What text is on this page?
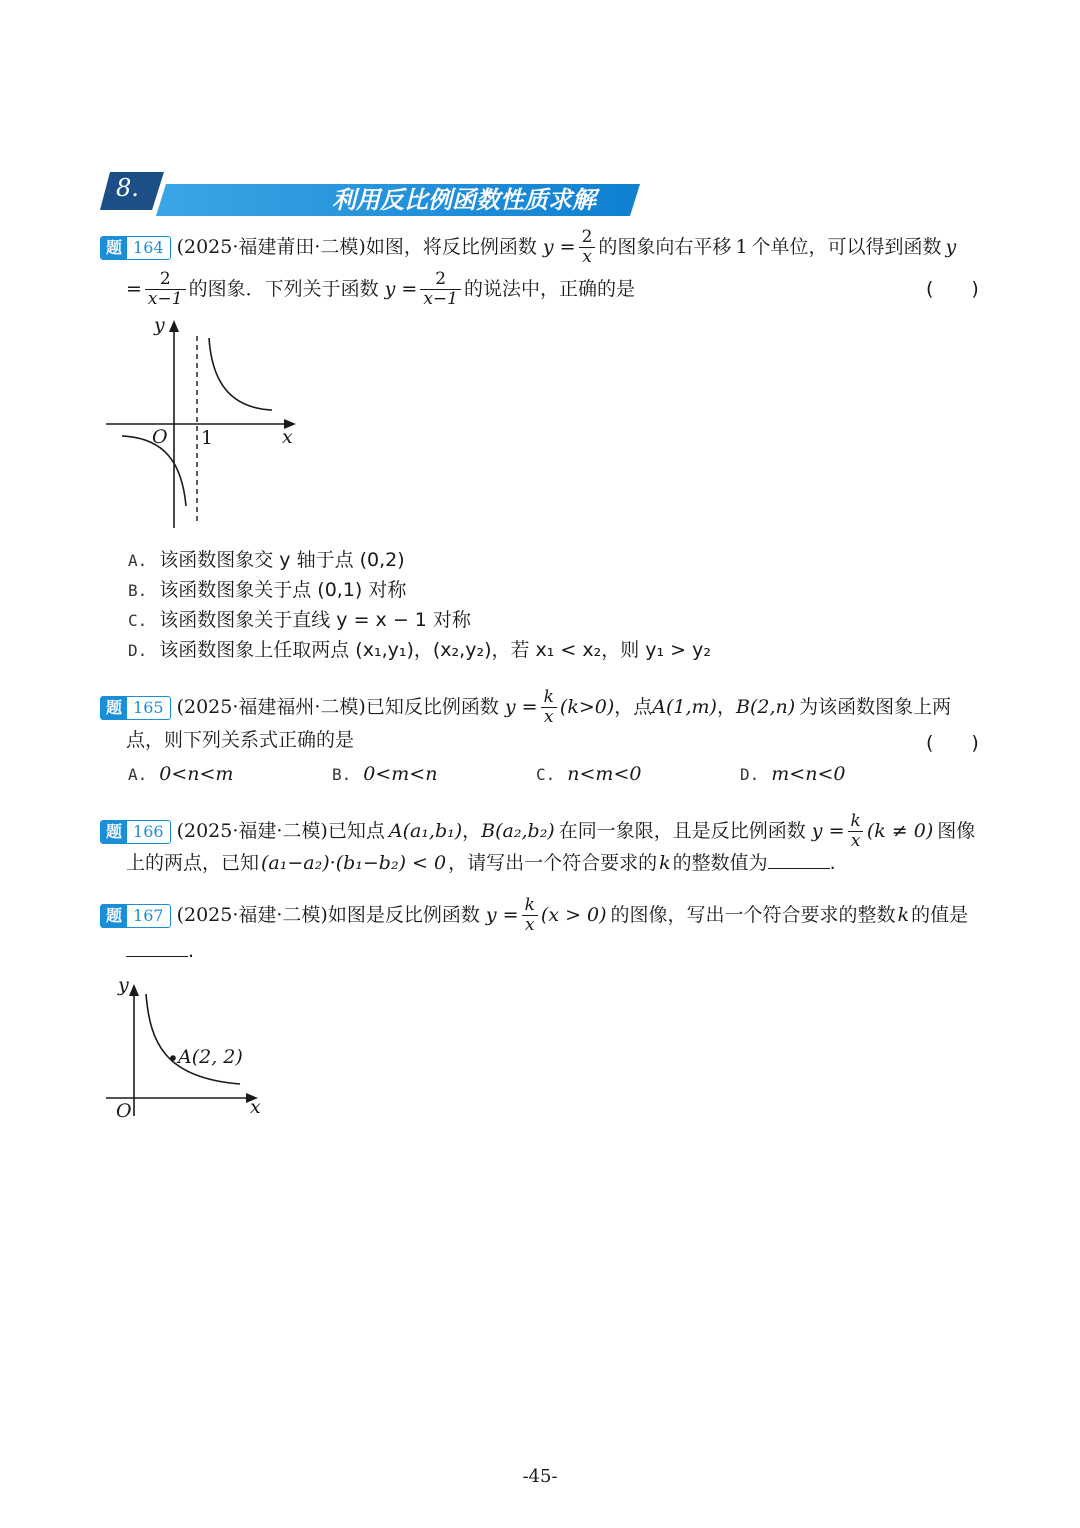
8.	利用反比例函数性质求解
题 164 (2025·福建莆田·二模)如图，将反比例函数 $y = \frac{2}{x}$ 的图象向右平移 1 个单位，可以得到函数 y
= $\frac{2}{x-1}$ 的图象．下列关于函数 $y = \frac{2}{x-1}$ 的说法中，正确的是	(　　)
y
x
O 1
A. 该函数图象交 y 轴于点 (0,2)
B. 该函数图象关于点 (0,1) 对称
C. 该函数图象关于直线 y = x − 1 对称
D. 该函数图象上任取两点 (x₁,y₁)，(x₂,y₂)，若 x₁ < x₂，则 y₁ > y₂
题 165 (2025·福建福州·二模)已知反比例函数 $y = \frac{k}{x} (k>0)$，点A(1,m)，B(2,n) 为该函数图象上两
点，则下列关系式正确的是	(　　)
A. 0<n<m	B. 0<m<n	C. n<m<0	D. m<n<0
题 166 (2025·福建·二模)已知点 A(a₁,b₁)，B(a₂,b₂) 在同一象限，且是反比例函数 $y = \frac{k}{x} (k \ne 0)$ 图像
上的两点，已知 (a₁−a₂)·(b₁−b₂) < 0 ，请写出一个符合要求的 k 的整数值为	.
题 167 (2025·福建·二模)如图是反比例函数 $y = \frac{k}{x} (x > 0)$ 的图像，写出一个符合要求的整数 k 的值是
.
y
x
O
A(2, 2)
-45-
